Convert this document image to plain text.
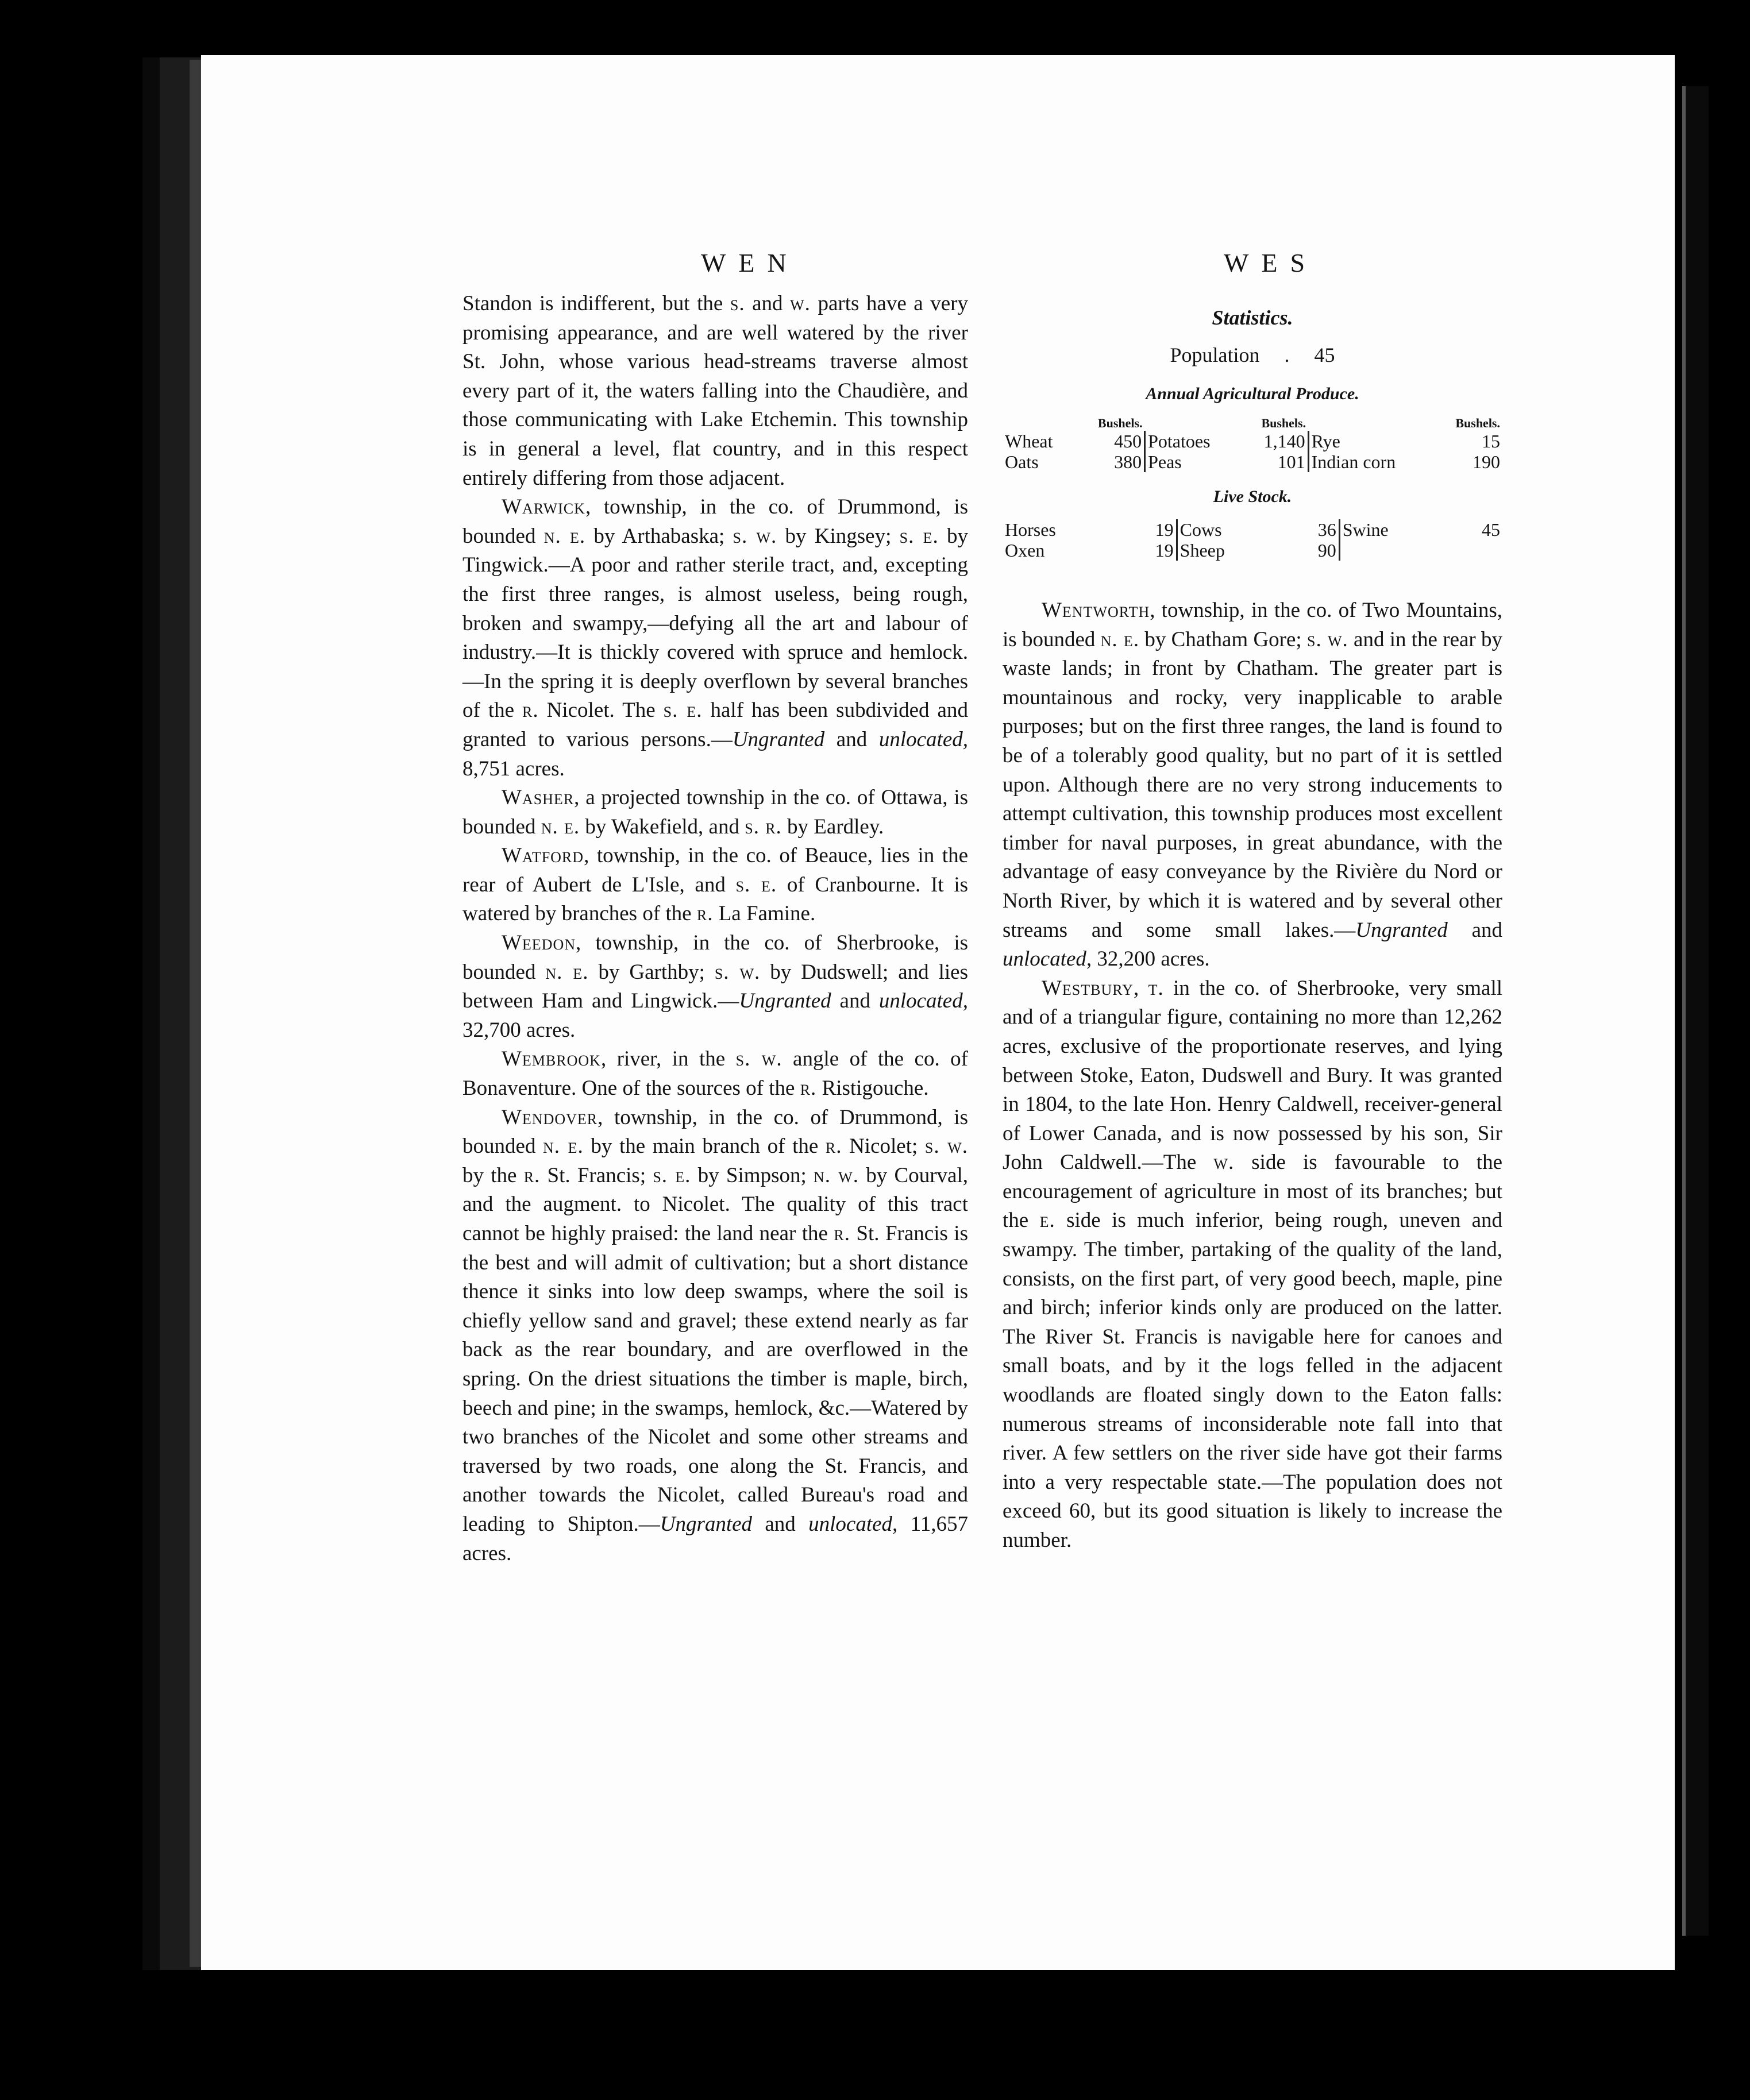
WEN	WES

Standon is indifferent, but the s. and w. parts have a very promising appearance, and are well watered by the river St. John, whose various head-streams traverse almost every part of it, the waters falling into the Chaudière, and those communicating with Lake Etchemin. This township is in general a level, flat country, and in this respect entirely differing from those adjacent.

Warwick, township, in the co. of Drummond, is bounded n. e. by Arthabaska; s. w. by Kingsey; s. e. by Tingwick.—A poor and rather sterile tract, and, excepting the first three ranges, is almost useless, being rough, broken and swampy,—defying all the art and labour of industry.—It is thickly covered with spruce and hemlock.—In the spring it is deeply overflown by several branches of the r. Nicolet. The s. e. half has been subdivided and granted to various persons.—Ungranted and unlocated, 8,751 acres.

Washer, a projected township in the co. of Ottawa, is bounded n. e. by Wakefield, and s. r. by Eardley.

Watford, township, in the co. of Beauce, lies in the rear of Aubert de L'Isle, and s. e. of Cranbourne. It is watered by branches of the r. La Famine.

Weedon, township, in the co. of Sherbrooke, is bounded n. e. by Garthby; s. w. by Dudswell; and lies between Ham and Lingwick.—Ungranted and unlocated, 32,700 acres.

Wembrook, river, in the s. w. angle of the co. of Bonaventure. One of the sources of the r. Ristigouche.

Wendover, township, in the co. of Drummond, is bounded n. e. by the main branch of the r. Nicolet; s. w. by the r. St. Francis; s. e. by Simpson; n. w. by Courval, and the augment. to Nicolet. The quality of this tract cannot be highly praised: the land near the r. St. Francis is the best and will admit of cultivation; but a short distance thence it sinks into low deep swamps, where the soil is chiefly yellow sand and gravel; these extend nearly as far back as the rear boundary, and are overflowed in the spring. On the driest situations the timber is maple, birch, beech and pine; in the swamps, hemlock, &c.—Watered by two branches of the Nicolet and some other streams and traversed by two roads, one along the St. Francis, and another towards the Nicolet, called Bureau's road and leading to Shipton.—Ungranted and unlocated, 11,657 acres.

Statistics.
Population . 45
Annual Agricultural Produce.
	Bushels.		Bushels.		Bushels.
Wheat	450	Potatoes	1,140	Rye	15
Oats	380	Peas	101	Indian corn	190
Live Stock.
Horses	19	Cows	36	Swine	45
Oxen	19	Sheep	90		

Wentworth, township, in the co. of Two Mountains, is bounded n. e. by Chatham Gore; s. w. and in the rear by waste lands; in front by Chatham. The greater part is mountainous and rocky, very inapplicable to arable purposes; but on the first three ranges, the land is found to be of a tolerably good quality, but no part of it is settled upon. Although there are no very strong inducements to attempt cultivation, this township produces most excellent timber for naval purposes, in great abundance, with the advantage of easy conveyance by the Rivière du Nord or North River, by which it is watered and by several other streams and some small lakes.—Ungranted and unlocated, 32,200 acres.

Westbury, t. in the co. of Sherbrooke, very small and of a triangular figure, containing no more than 12,262 acres, exclusive of the proportionate reserves, and lying between Stoke, Eaton, Dudswell and Bury. It was granted in 1804, to the late Hon. Henry Caldwell, receiver-general of Lower Canada, and is now possessed by his son, Sir John Caldwell.—The w. side is favourable to the encouragement of agriculture in most of its branches; but the e. side is much inferior, being rough, uneven and swampy. The timber, partaking of the quality of the land, consists, on the first part, of very good beech, maple, pine and birch; inferior kinds only are produced on the latter. The River St. Francis is navigable here for canoes and small boats, and by it the logs felled in the adjacent woodlands are floated singly down to the Eaton falls: numerous streams of inconsiderable note fall into that river. A few settlers on the river side have got their farms into a very respectable state.—The population does not exceed 60, but its good situation is likely to increase the number.
